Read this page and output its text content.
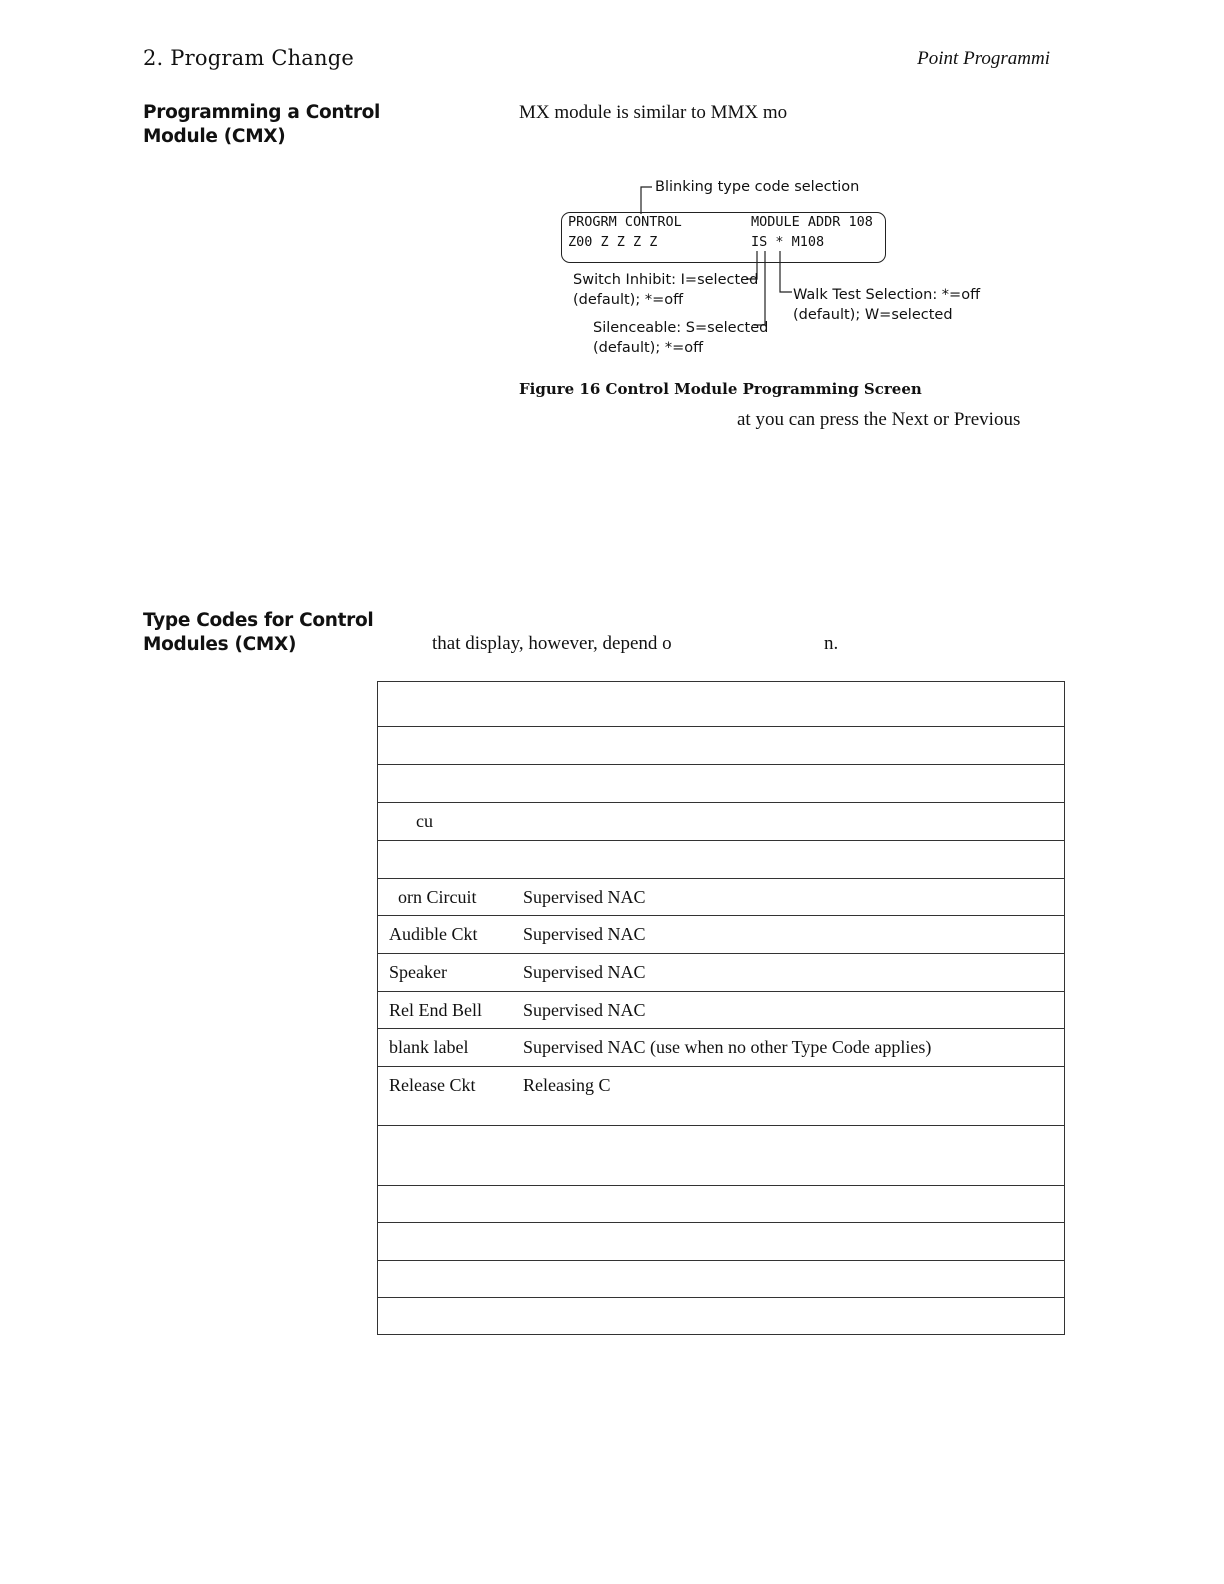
2. Program Change	Point Programmi
Programming a Control
Module (CMX)
MX module is similar to MMX mo
PROGRM CONTROL	MODULE ADDR 108
Z00 Z Z Z Z	IS * M108
Blinking type code selection
Switch Inhibit: I=selected
(default); *=off	Walk Test Selection: *=off
(default); W=selected
Silenceable: S=selected
(default); *=off
Figure 16 Control Module Programming Screen
at you can press the Next or Previous
Type Codes for Control
Modules (CMX)	that display, however, depend o	n.

cu	

orn Circuit	Supervised NAC

Audible Ckt	Supervised NAC

Speaker	Supervised NAC

Rel End Bell	Supervised NAC

blank label	Supervised NAC (use when no other Type Code applies)

Release Ckt	Releasing C
